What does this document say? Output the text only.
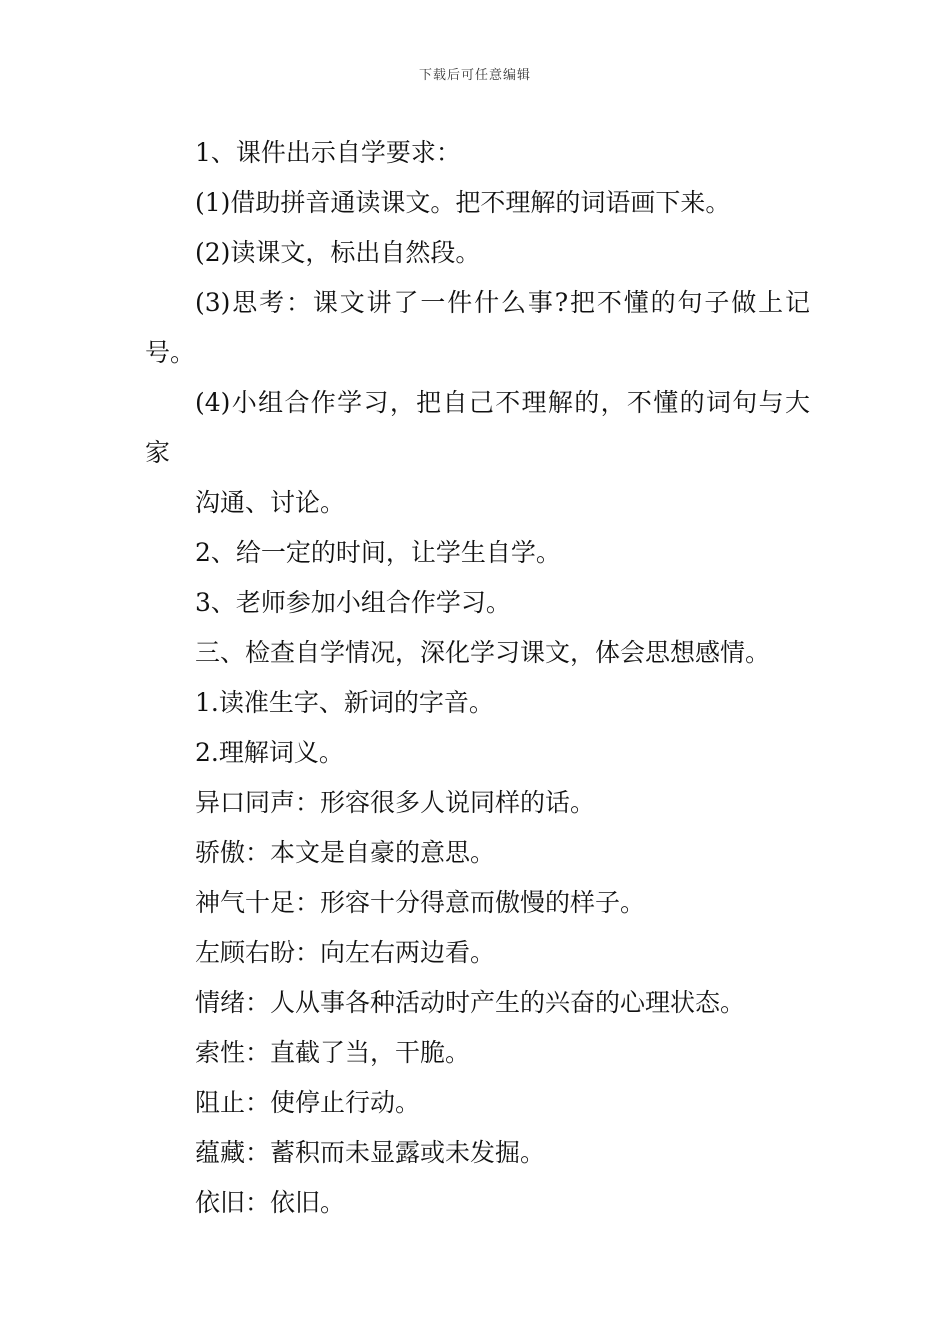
下载后可任意编辑
1、课件出示自学要求：
(1)借助拼音通读课文。把不理解的词语画下来。
(2)读课文，标出自然段。
(3)思考：课文讲了一件什么事?把不懂的句子做上记
号。
(4)小组合作学习，把自己不理解的，不懂的词句与大
家
沟通、讨论。
2、给一定的时间，让学生自学。
3、老师参加小组合作学习。
三、检查自学情况，深化学习课文，体会思想感情。
1.读准生字、新词的字音。
2.理解词义。
异口同声：形容很多人说同样的话。
骄傲：本文是自豪的意思。
神气十足：形容十分得意而傲慢的样子。
左顾右盼：向左右两边看。
情绪：人从事各种活动时产生的兴奋的心理状态。
索性：直截了当，干脆。
阻止：使停止行动。
蕴藏：蓄积而未显露或未发掘。
依旧：依旧。
